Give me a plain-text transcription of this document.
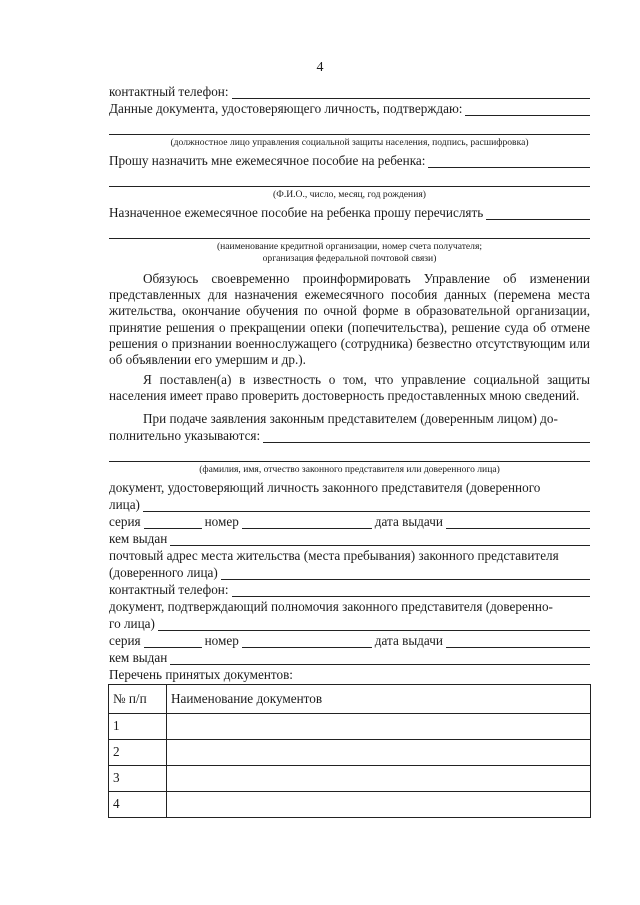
4
контактный телефон:
Данные документа, удостоверяющего личность, подтверждаю:
(должностное лицо управления социальной защиты населения, подпись, расшифровка)
Прошу назначить мне ежемесячное пособие на ребенка:
(Ф.И.О., число, месяц, год рождения)
Назначенное ежемесячное пособие на ребенка прошу перечислять
(наименование кредитной организации, номер счета получателя;
организация федеральной почтовой связи)

Обязуюсь своевременно проинформировать Управление об изменении представленных для назначения ежемесячного пособия данных (перемена места жительства, окончание обучения по очной форме в образовательной организации, принятие решения о прекращении опеки (попечительства), решение суда об отмене решения о признании военнослужащего (сотрудника) безвестно отсутствующим или об объявлении его умершим и др.).

Я поставлен(а) в известность о том, что управление социальной защиты населения имеет право проверить достоверность предоставленных мною сведений.

При подаче заявления законным представителем (доверенным лицом) до-
полнительно указываются:
(фамилия, имя, отчество законного представителя или доверенного лица)
документ, удостоверяющий личность законного представителя (доверенного
лица)
серия	номер	дата выдачи
кем выдан
почтовый адрес места жительства (места пребывания) законного представителя
(доверенного лица)
контактный телефон:
документ, подтверждающий полномочия законного представителя (доверенно-
го лица)
серия	номер	дата выдачи
кем выдан
Перечень принятых документов:
№ п/п	Наименование документов
1	
2	
3	
4	
